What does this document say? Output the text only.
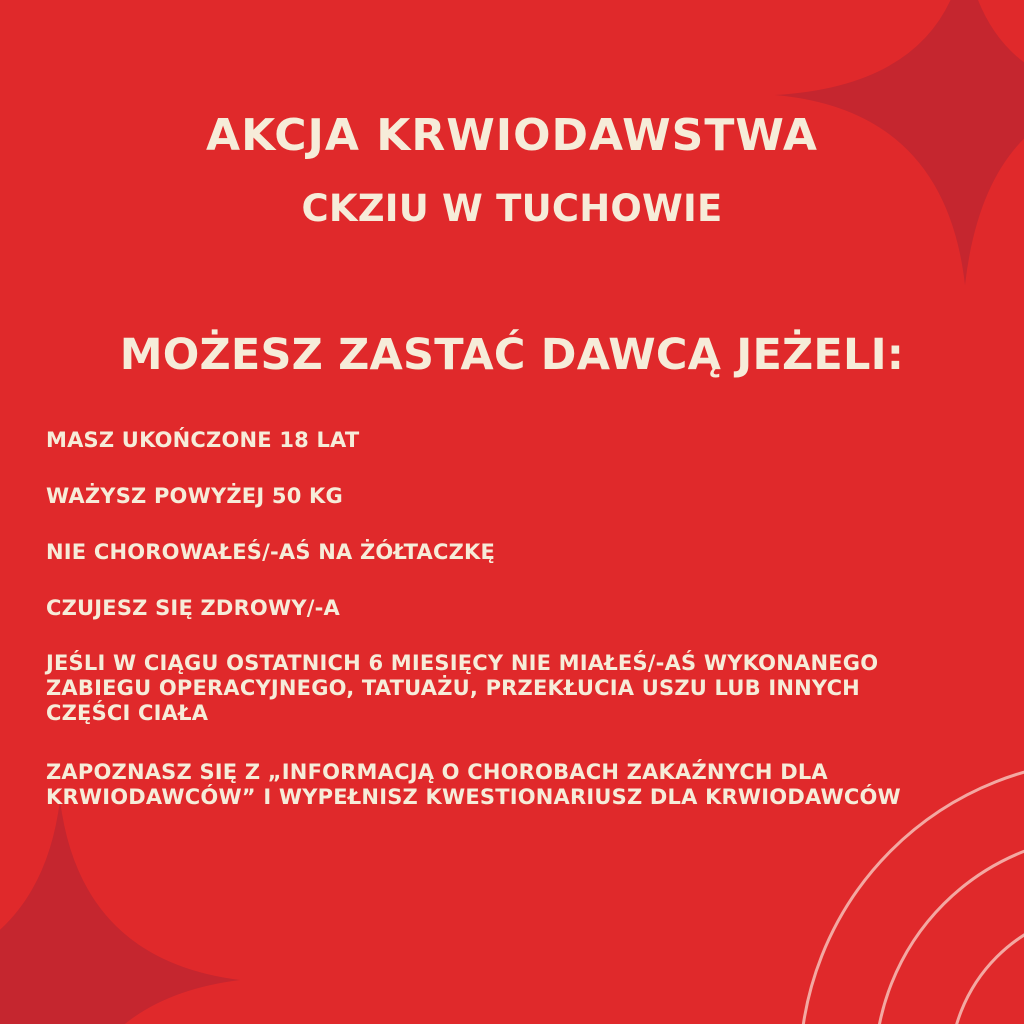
AKCJA KRWIODAWSTWA
CKZIU W TUCHOWIE
MOŻESZ ZASTAĆ DAWCĄ JEŻELI:
MASZ UKOŃCZONE 18 LAT
WAŻYSZ POWYŻEJ 50 KG
NIE CHOROWAŁEŚ/-AŚ NA ŻÓŁTACZKĘ
CZUJESZ SIĘ ZDROWY/-A
JEŚLI W CIĄGU OSTATNICH 6 MIESIĘCY NIE MIAŁEŚ/-AŚ WYKONANEGO
ZABIEGU OPERACYJNEGO, TATUAŻU, PRZEKŁUCIA USZU LUB INNYCH
CZĘŚCI CIAŁA
ZAPOZNASZ SIĘ Z „INFORMACJĄ O CHOROBACH ZAKAŹNYCH DLA
KRWIODAWCÓW” I WYPEŁNISZ KWESTIONARIUSZ DLA KRWIODAWCÓW
